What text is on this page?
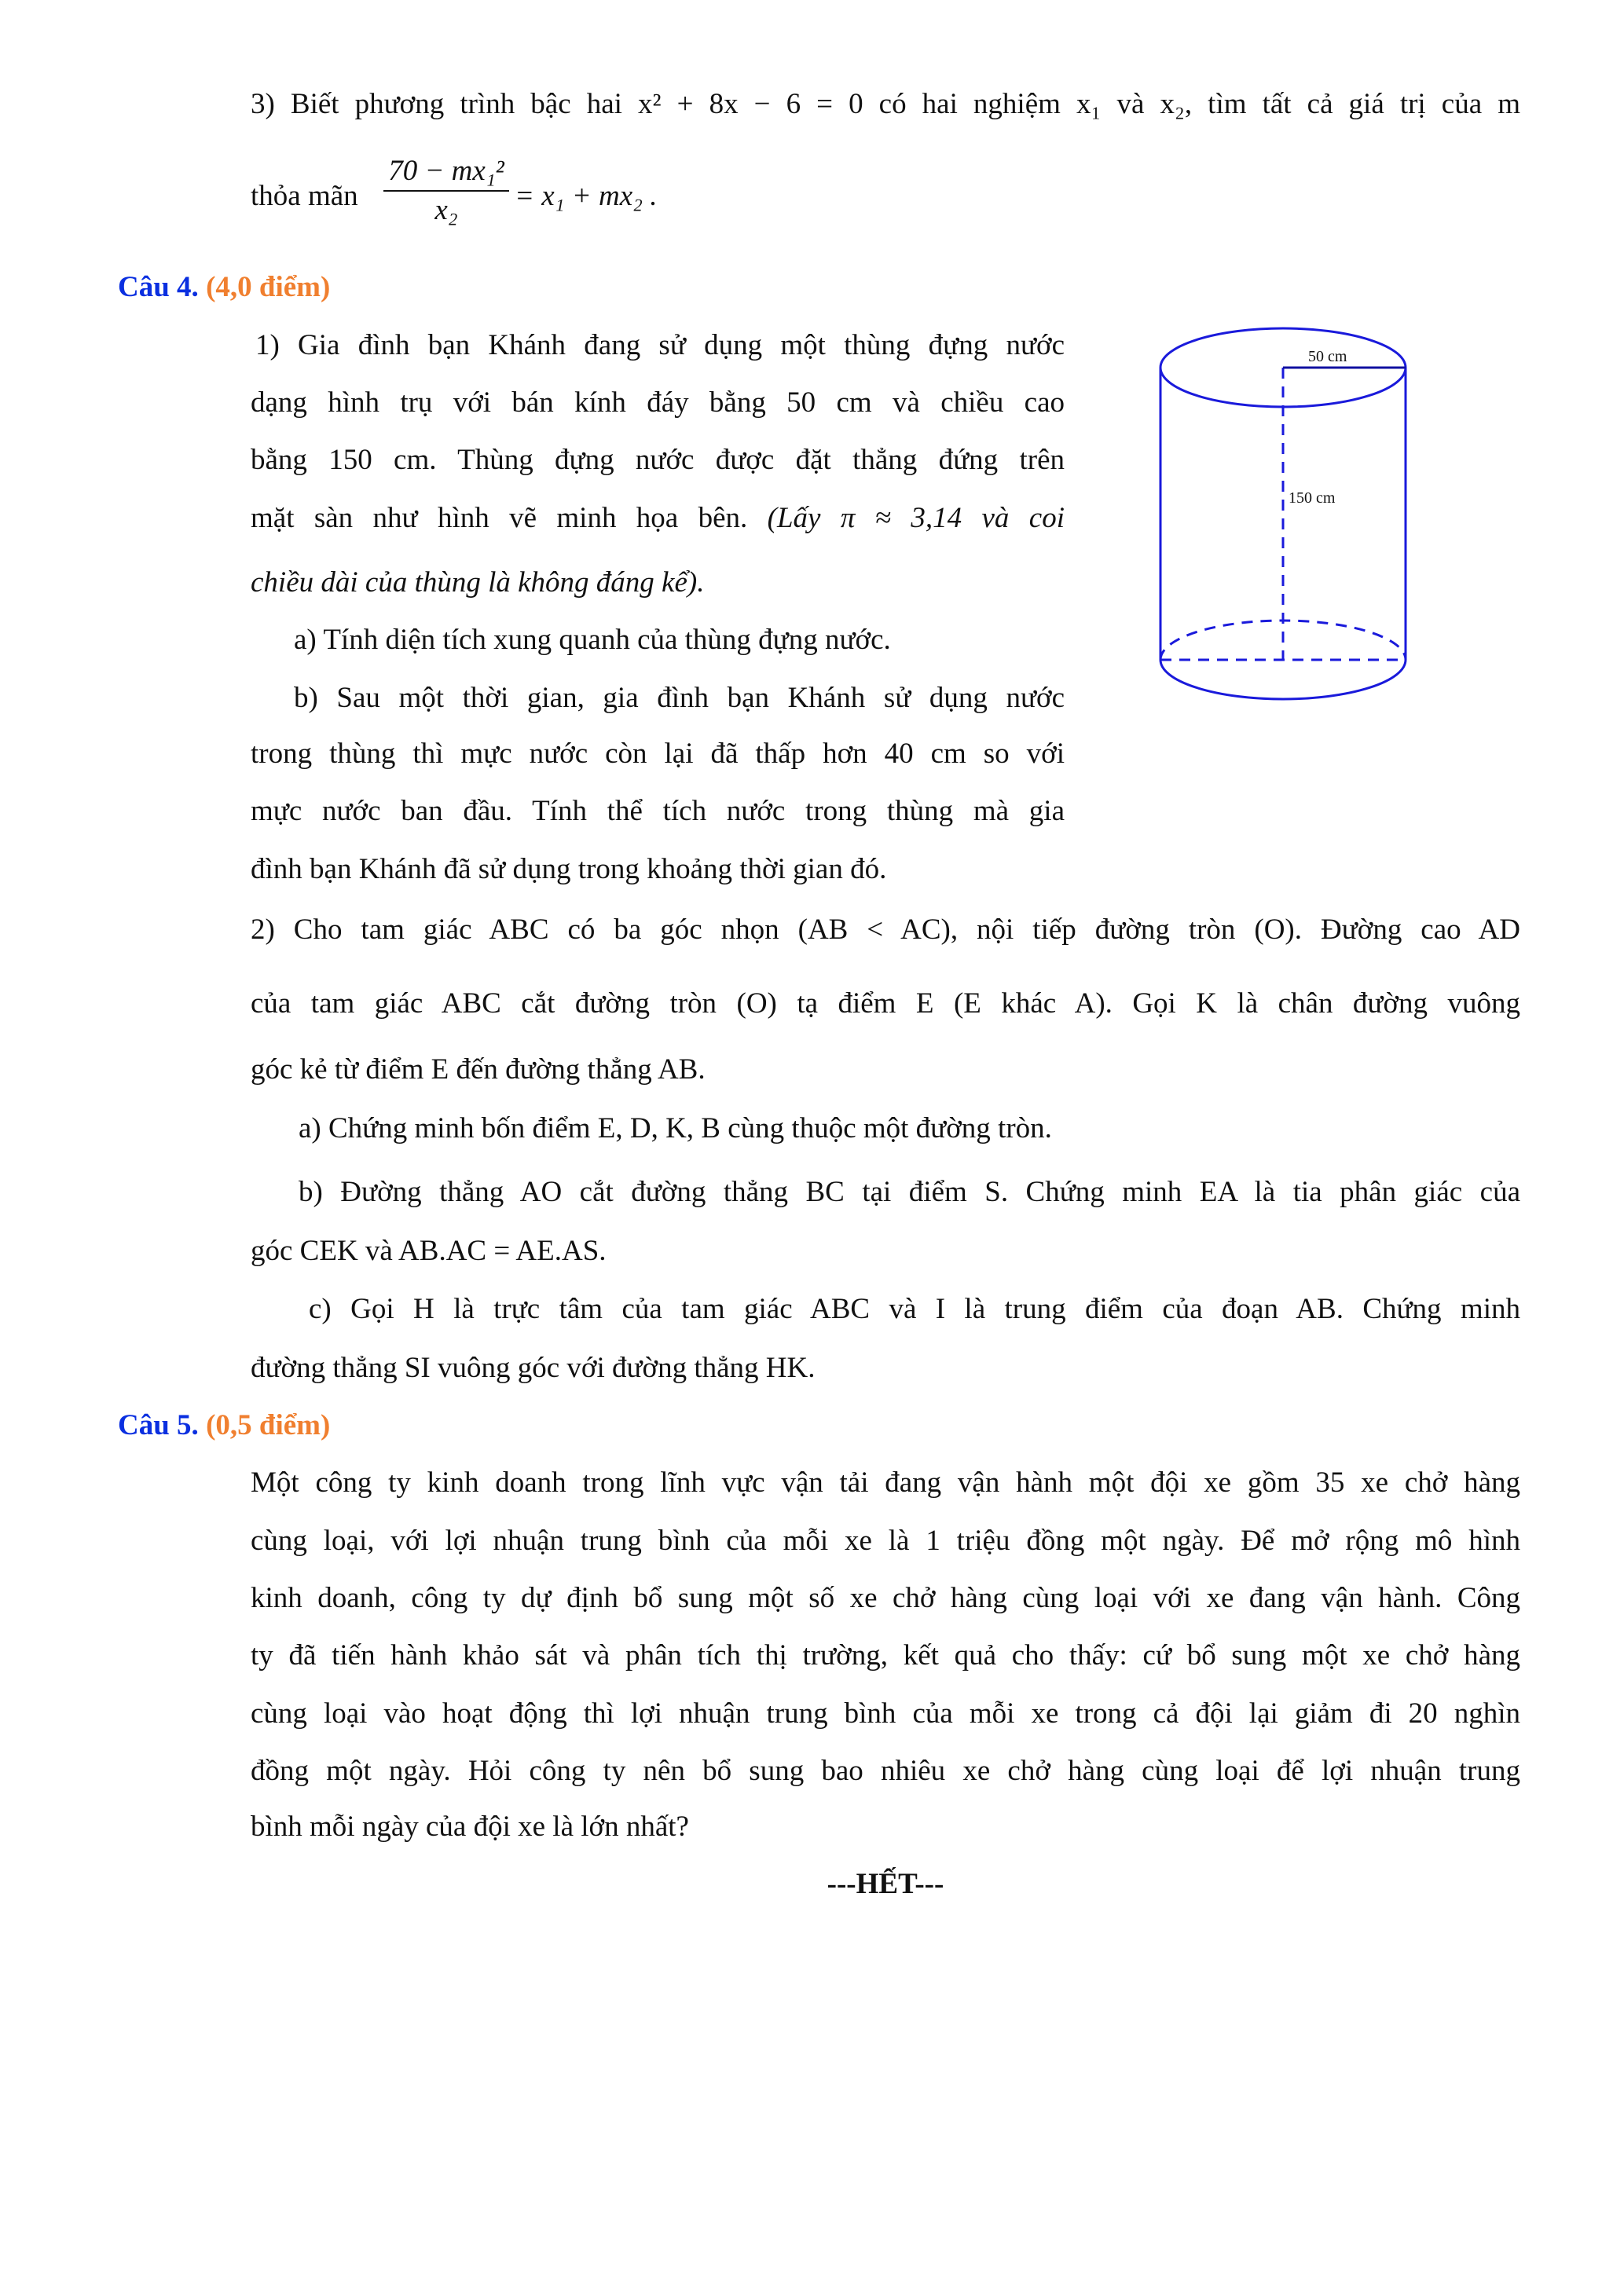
3) Biết phương trình bậc hai x² + 8x − 6 = 0 có hai nghiệm x₁ và x₂, tìm tất cả giá trị của m
thỏa mãn
70 − mx₁²
x₂	= x₁ + mx₂ .
Câu 4. (4,0 điểm)
1) Gia đình bạn Khánh đang sử dụng một thùng đựng nước
dạng hình trụ với bán kính đáy bằng 50 cm và chiều cao
bằng 150 cm. Thùng đựng nước được đặt thẳng đứng trên
mặt sàn như hình vẽ minh họa bên. (Lấy π ≈ 3,14 và coi
chiều dài của thùng là không đáng kể).
a) Tính diện tích xung quanh của thùng đựng nước.
b) Sau một thời gian, gia đình bạn Khánh sử dụng nước
trong thùng thì mực nước còn lại đã thấp hơn 40 cm so với
mực nước ban đầu. Tính thể tích nước trong thùng mà gia
đình bạn Khánh đã sử dụng trong khoảng thời gian đó.
50 cm
150 cm
2) Cho tam giác ABC có ba góc nhọn (AB < AC), nội tiếp đường tròn (O). Đường cao AD
của tam giác ABC cắt đường tròn (O) tạ điểm E (E khác A). Gọi K là chân đường vuông
góc kẻ từ điểm E đến đường thẳng AB.
a) Chứng minh bốn điểm E, D, K, B cùng thuộc một đường tròn.
b) Đường thẳng AO cắt đường thẳng BC tại điểm S. Chứng minh EA là tia phân giác của
góc CEK và AB.AC = AE.AS.
c) Gọi H là trực tâm của tam giác ABC và I là trung điểm của đoạn AB. Chứng minh
đường thẳng SI vuông góc với đường thẳng HK.
Câu 5. (0,5 điểm)
Một công ty kinh doanh trong lĩnh vực vận tải đang vận hành một đội xe gồm 35 xe chở hàng
cùng loại, với lợi nhuận trung bình của mỗi xe là 1 triệu đồng một ngày. Để mở rộng mô hình
kinh doanh, công ty dự định bổ sung một số xe chở hàng cùng loại với xe đang vận hành. Công
ty đã tiến hành khảo sát và phân tích thị trường, kết quả cho thấy: cứ bổ sung một xe chở hàng
cùng loại vào hoạt động thì lợi nhuận trung bình của mỗi xe trong cả đội lại giảm đi 20 nghìn
đồng một ngày. Hỏi công ty nên bổ sung bao nhiêu xe chở hàng cùng loại để lợi nhuận trung
bình mỗi ngày của đội xe là lớn nhất?
---HẾT---
